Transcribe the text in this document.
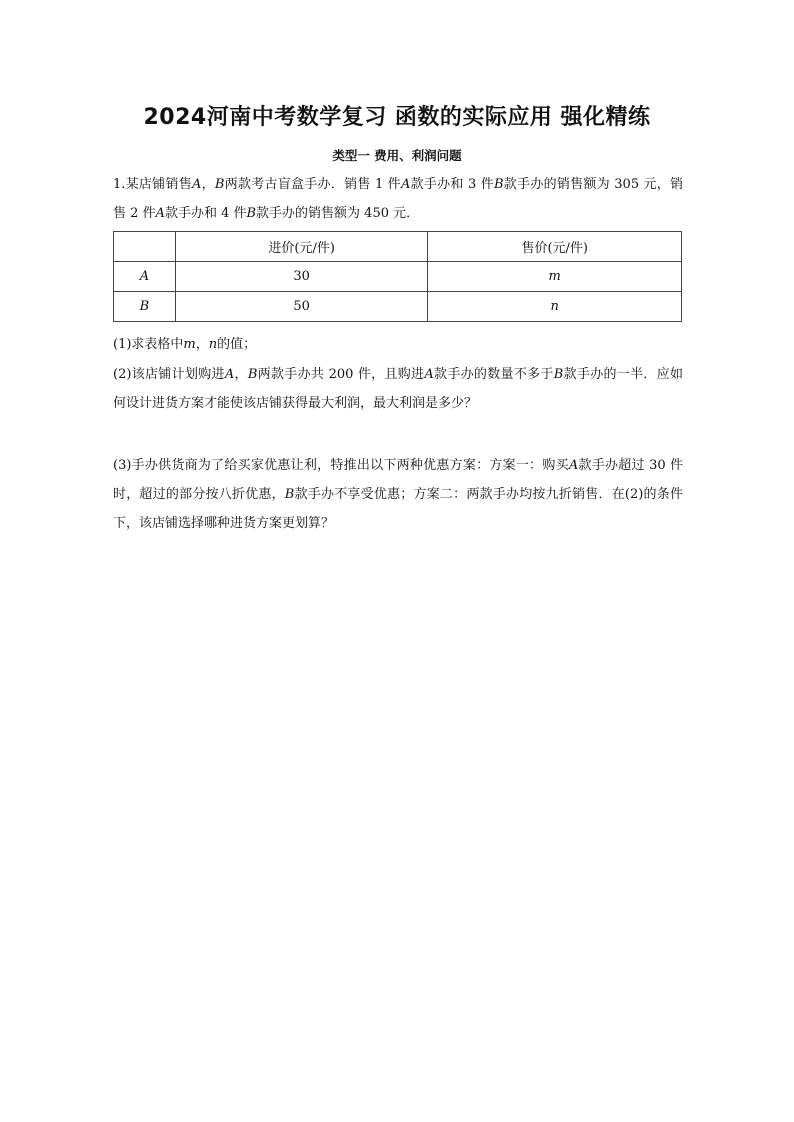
2024河南中考数学复习 函数的实际应用 强化精练
类型一 费用、利润问题

1.某店铺销售A，B两款考古盲盒手办．销售 1 件A款手办和 3 件B款手办的销售额为 305 元，销售 2 件A款手办和 4 件B款手办的销售额为 450 元．

	进价(元/件)	售价(元/件)
A	30	m
B	50	n

(1)求表格中m，n的值；

(2)该店铺计划购进A，B两款手办共 200 件，且购进A款手办的数量不多于B款手办的一半．应如何设计进货方案才能使该店铺获得最大利润，最大利润是多少？

(3)手办供货商为了给买家优惠让利，特推出以下两种优惠方案：方案一：购买A款手办超过 30 件时，超过的部分按八折优惠，B款手办不享受优惠；方案二：两款手办均按九折销售．在(2)的条件下，该店铺选择哪种进货方案更划算？
